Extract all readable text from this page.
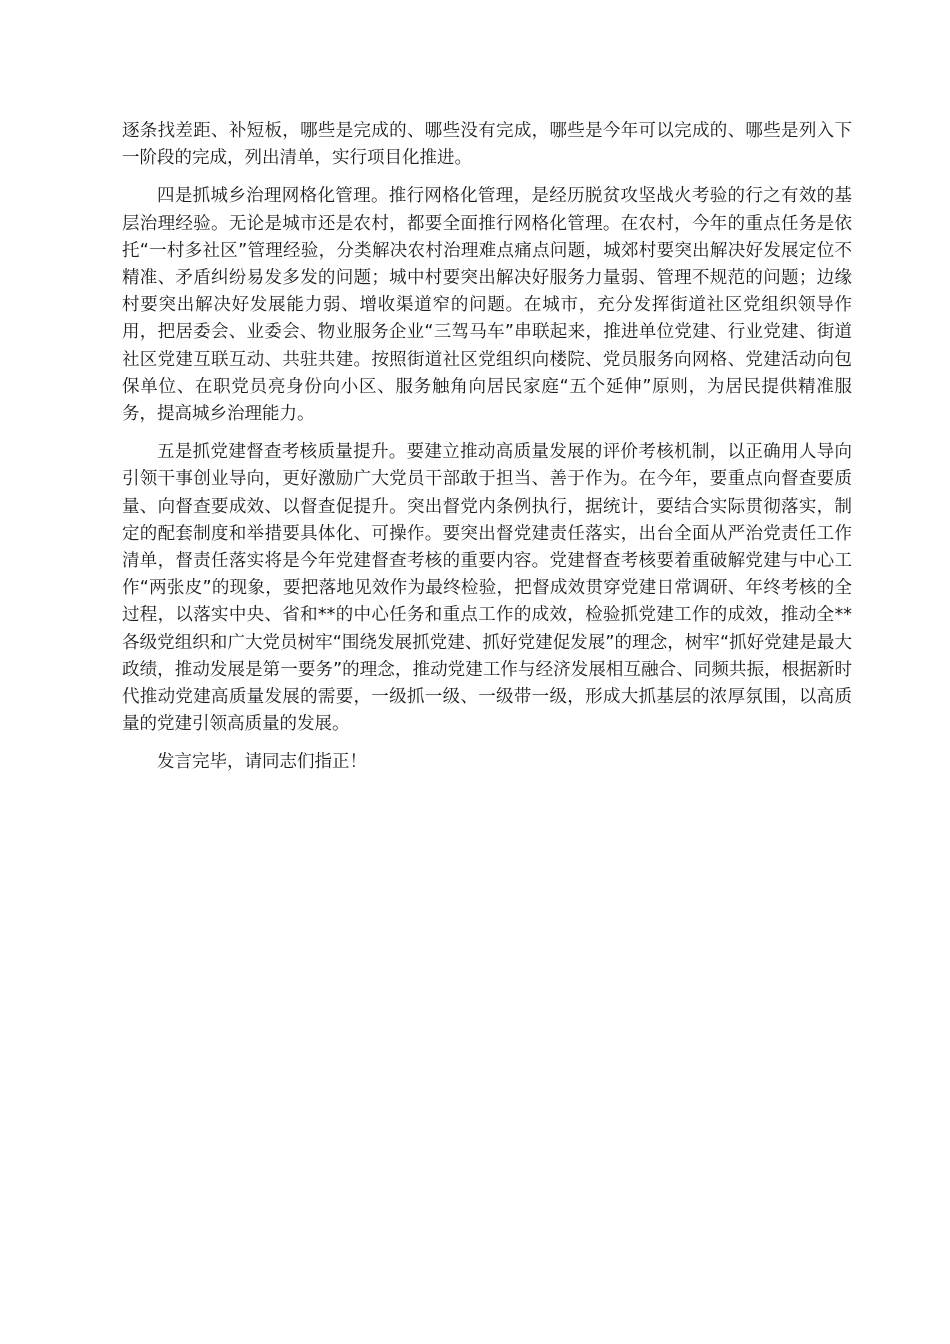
逐条找差距、补短板，哪些是完成的、哪些没有完成，哪些是今年可以完成的、哪些是列入下一阶段的完成，列出清单，实行项目化推进。

四是抓城乡治理网格化管理。推行网格化管理，是经历脱贫攻坚战火考验的行之有效的基层治理经验。无论是城市还是农村，都要全面推行网格化管理。在农村，今年的重点任务是依托“一村多社区”管理经验，分类解决农村治理难点痛点问题，城郊村要突出解决好发展定位不精准、矛盾纠纷易发多发的问题；城中村要突出解决好服务力量弱、管理不规范的问题；边缘村要突出解决好发展能力弱、增收渠道窄的问题。在城市，充分发挥街道社区党组织领导作用，把居委会、业委会、物业服务企业“三驾马车”串联起来，推进单位党建、行业党建、街道社区党建互联互动、共驻共建。按照街道社区党组织向楼院、党员服务向网格、党建活动向包保单位、在职党员亮身份向小区、服务触角向居民家庭“五个延伸”原则，为居民提供精准服务，提高城乡治理能力。

五是抓党建督查考核质量提升。要建立推动高质量发展的评价考核机制，以正确用人导向引领干事创业导向，更好激励广大党员干部敢于担当、善于作为。在今年，要重点向督查要质量、向督查要成效、以督查促提升。突出督党内条例执行，据统计，要结合实际贯彻落实，制定的配套制度和举措要具体化、可操作。要突出督党建责任落实，出台全面从严治党责任工作清单，督责任落实将是今年党建督查考核的重要内容。党建督查考核要着重破解党建与中心工作“两张皮”的现象，要把落地见效作为最终检验，把督成效贯穿党建日常调研、年终考核的全过程，以落实中央、省和**的中心任务和重点工作的成效，检验抓党建工作的成效，推动全**各级党组织和广大党员树牢“围绕发展抓党建、抓好党建促发展”的理念，树牢“抓好党建是最大政绩，推动发展是第一要务”的理念，推动党建工作与经济发展相互融合、同频共振，根据新时代推动党建高质量发展的需要，一级抓一级、一级带一级，形成大抓基层的浓厚氛围，以高质量的党建引领高质量的发展。

发言完毕，请同志们指正！
